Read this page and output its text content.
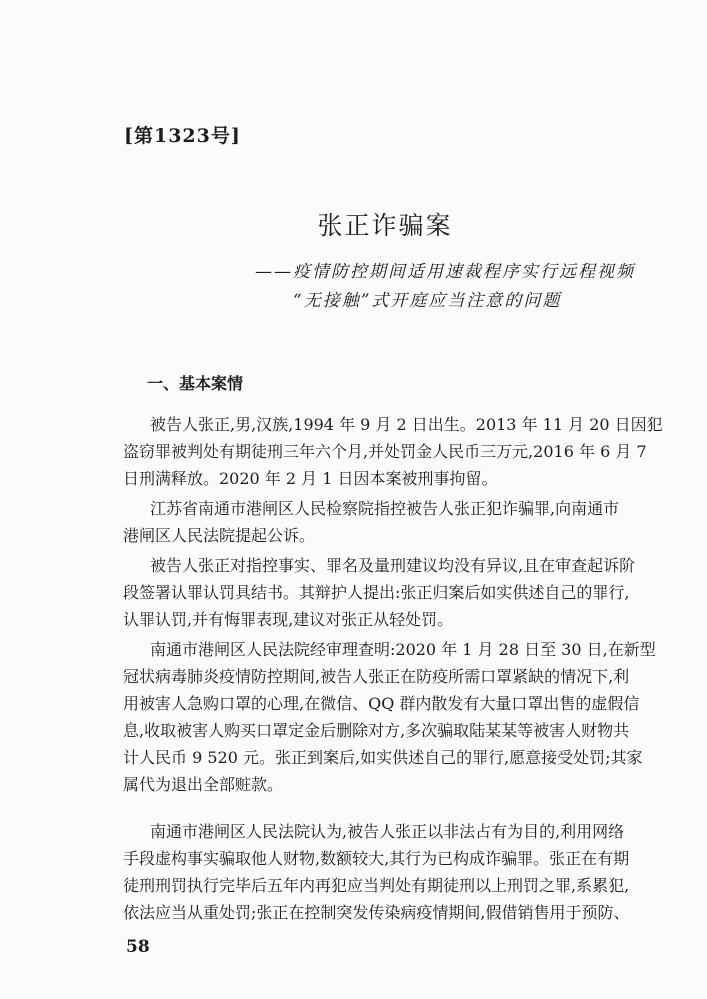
[第1323号]
张正诈骗案
——疫情防控期间适用速裁程序实行远程视频
“无接触”式开庭应当注意的问题
一、基本案情
被告人张正,男,汉族,1994 年 9 月 2 日出生。2013 年 11 月 20 日因犯
盗窃罪被判处有期徒刑三年六个月,并处罚金人民币三万元,2016 年 6 月 7
日刑满释放。2020 年 2 月 1 日因本案被刑事拘留。
江苏省南通市港闸区人民检察院指控被告人张正犯诈骗罪,向南通市
港闸区人民法院提起公诉。
被告人张正对指控事实、罪名及量刑建议均没有异议,且在审查起诉阶
段签署认罪认罚具结书。其辩护人提出:张正归案后如实供述自己的罪行,
认罪认罚,并有悔罪表现,建议对张正从轻处罚。
南通市港闸区人民法院经审理查明:2020 年 1 月 28 日至 30 日,在新型
冠状病毒肺炎疫情防控期间,被告人张正在防疫所需口罩紧缺的情况下,利
用被害人急购口罩的心理,在微信、QQ 群内散发有大量口罩出售的虚假信
息,收取被害人购买口罩定金后删除对方,多次骗取陆某某等被害人财物共
计人民币 9 520 元。张正到案后,如实供述自己的罪行,愿意接受处罚;其家
属代为退出全部赃款。
南通市港闸区人民法院认为,被告人张正以非法占有为目的,利用网络
手段虚构事实骗取他人财物,数额较大,其行为已构成诈骗罪。张正在有期
徒刑刑罚执行完毕后五年内再犯应当判处有期徒刑以上刑罚之罪,系累犯,
依法应当从重处罚;张正在控制突发传染病疫情期间,假借销售用于预防、
58
